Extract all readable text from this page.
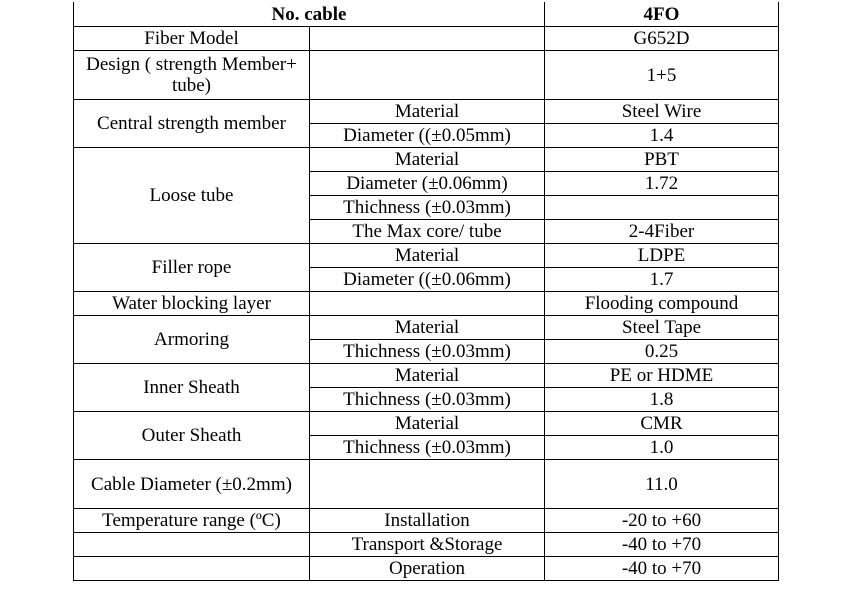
No. cable		4FO
Fiber Model		G652D
Design ( strength Member+ tube)		1+5
Central strength member	Material	Steel Wire
	Diameter ((±0.05mm)	1.4
Loose tube	Material	PBT
	Diameter (±0.06mm)	1.72
	Thichness (±0.03mm)	
	The Max core/ tube	2-4Fiber
Filler rope	Material	LDPE
	Diameter ((±0.06mm)	1.7
Water blocking layer		Flooding compound
Armoring	Material	Steel Tape
	Thichness (±0.03mm)	0.25
Inner Sheath	Material	PE or HDME
	Thichness (±0.03mm)	1.8
Outer Sheath	Material	CMR
	Thichness (±0.03mm)	1.0
Cable Diameter (±0.2mm)		11.0
Temperature range (ºC)	Installation	-20 to +60
	Transport &Storage	-40 to +70
	Operation	-40 to +70
